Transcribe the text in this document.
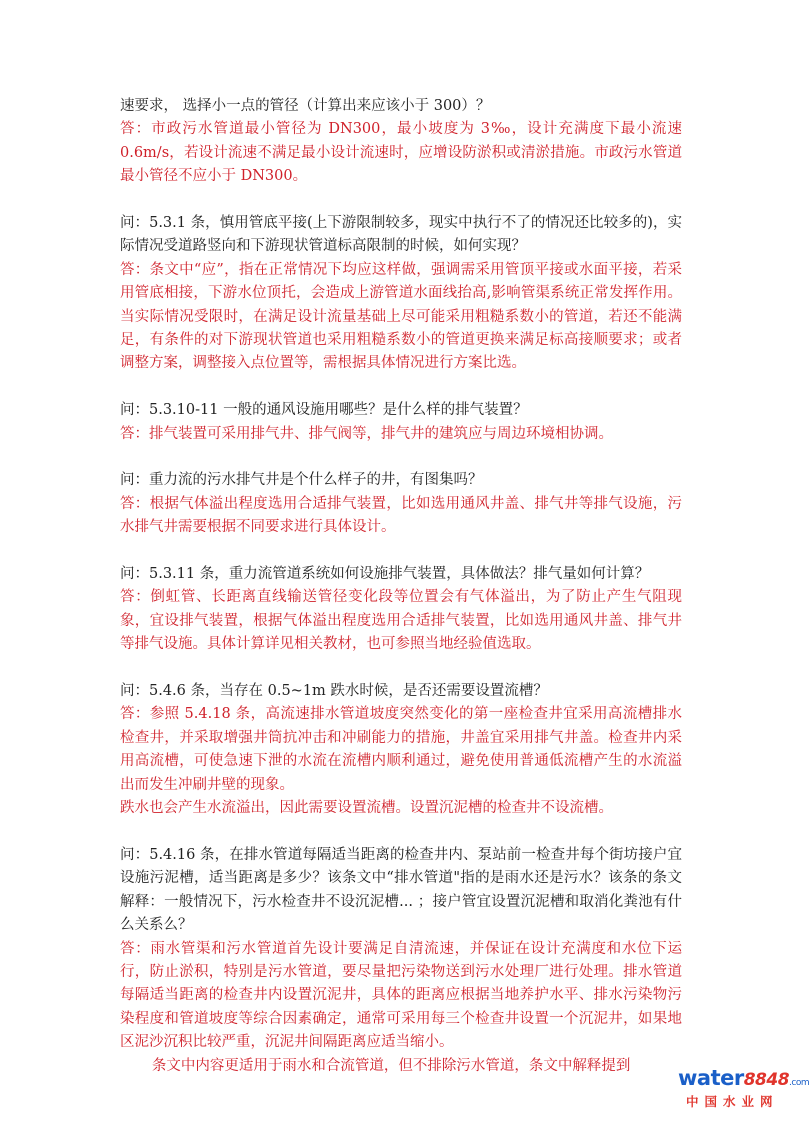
速要求， 选择小一点的管径（计算出来应该小于 300）？
答：市政污水管道最小管径为 DN300，最小坡度为 3‰，设计充满度下最小流速 0.6m/s，若设计流速不满足最小设计流速时，应增设防淤积或清淤措施。市政污水管道最小管径不应小于 DN300。
问：5.3.1 条，慎用管底平接(上下游限制较多，现实中执行不了的情况还比较多的)，实际情况受道路竖向和下游现状管道标高限制的时候，如何实现？
答：条文中“应”，指在正常情况下均应这样做，强调需采用管顶平接或水面平接，若采用管底相接，下游水位顶托，会造成上游管道水面线抬高,影响管渠系统正常发挥作用。当实际情况受限时，在满足设计流量基础上尽可能采用粗糙系数小的管道，若还不能满足，有条件的对下游现状管道也采用粗糙系数小的管道更换来满足标高接顺要求；或者调整方案，调整接入点位置等，需根据具体情况进行方案比选。
问：5.3.10-11 一般的通风设施用哪些？是什么样的排气装置？
答：排气装置可采用排气井、排气阀等，排气井的建筑应与周边环境相协调。
问：重力流的污水排气井是个什么样子的井，有图集吗？
答：根据气体溢出程度选用合适排气装置，比如选用通风井盖、排气井等排气设施，污水排气井需要根据不同要求进行具体设计。
问：5.3.11 条，重力流管道系统如何设施排气装置，具体做法？排气量如何计算？
答：倒虹管、长距离直线输送管径变化段等位置会有气体溢出，为了防止产生气阻现象，宜设排气装置，根据气体溢出程度选用合适排气装置，比如选用通风井盖、排气井等排气设施。具体计算详见相关教材，也可参照当地经验值选取。
问：5.4.6 条，当存在 0.5~1m 跌水时候，是否还需要设置流槽？
答：参照 5.4.18 条，高流速排水管道坡度突然变化的第一座检查井宜采用高流槽排水检查井，并采取增强井筒抗冲击和冲刷能力的措施，井盖宜采用排气井盖。检查井内采用高流槽，可使急速下泄的水流在流槽内顺利通过，避免使用普通低流槽产生的水流溢出而发生冲刷井壁的现象。
跌水也会产生水流溢出，因此需要设置流槽。设置沉泥槽的检查井不设流槽。
问：5.4.16 条，在排水管道每隔适当距离的检查井内、泵站前一检查井每个街坊接户宜设施污泥槽，适当距离是多少？该条文中“排水管道"指的是雨水还是污水？该条的条文解释：一般情况下，污水检查井不设沉泥槽... ；接户管宜设置沉泥槽和取消化粪池有什么关系么？
答：雨水管渠和污水管道首先设计要满足自清流速，并保证在设计充满度和水位下运行，防止淤积，特别是污水管道，要尽量把污染物送到污水处理厂进行处理。排水管道每隔适当距离的检查井内设置沉泥井，具体的距离应根据当地养护水平、排水污染物污染程度和管道坡度等综合因素确定，通常可采用每三个检查井设置一个沉泥井，如果地区泥沙沉积比较严重，沉泥井间隔距离应适当缩小。
条文中内容更适用于雨水和合流管道，但不排除污水管道，条文中解释提到
water8848.com
中国水业网
